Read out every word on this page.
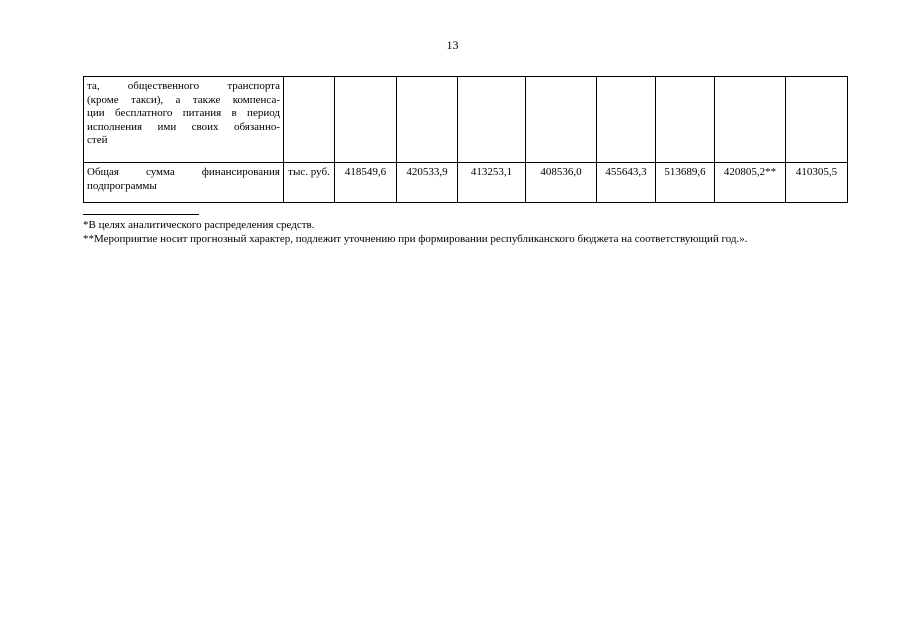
13
та, общественного транспорта
(кроме такси), а также компенса-
ции бесплатного питания в период
исполнения ими своих обязанно-
стей									

Общая сумма финансирования подпрограммы	тыс. руб.	418549,6	420533,9	413253,1	408536,0	455643,3	513689,6	420805,2**	410305,5

*В целях аналитического распределения средств.

**Мероприятие носит прогнозный характер, подлежит уточнению при формировании республиканского бюджета на соответствующий год.».
